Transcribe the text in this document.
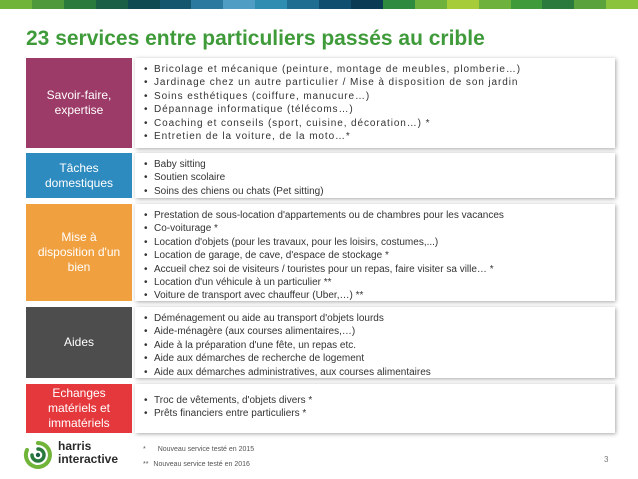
23 services entre particuliers passés au crible
Savoir-faire, expertise
• Bricolage et mécanique (peinture, montage de meubles, plomberie…)
• Jardinage chez un autre particulier / Mise à disposition de son jardin
• Soins esthétiques (coiffure, manucure…)
• Dépannage informatique (télécoms…)
• Coaching et conseils (sport, cuisine, décoration…) *
• Entretien de la voiture, de la moto…*
Tâches domestiques
• Baby sitting
• Soutien scolaire
• Soins des chiens ou chats (Pet sitting)
Mise à disposition d'un bien
• Prestation de sous-location d'appartements ou de chambres pour les vacances
• Co-voiturage *
• Location d'objets (pour les travaux, pour les loisirs, costumes,...)
• Location de garage, de cave, d'espace de stockage *
• Accueil chez soi de visiteurs / touristes pour un repas, faire visiter sa ville… *
• Location d'un véhicule à un particulier **
• Voiture de transport avec chauffeur (Uber,…) **
Aides
• Déménagement ou aide au transport d'objets lourds
• Aide-ménagère (aux courses alimentaires,…)
• Aide à la préparation d'une fête, un repas etc.
• Aide aux démarches de recherche de logement
• Aide aux démarches administratives, aux courses alimentaires
Echanges matériels et immatériels
• Troc de vêtements, d'objets divers *
• Prêts financiers entre particuliers *
harris
interactive
* Nouveau service testé en 2015
** Nouveau service testé en 2016
3
